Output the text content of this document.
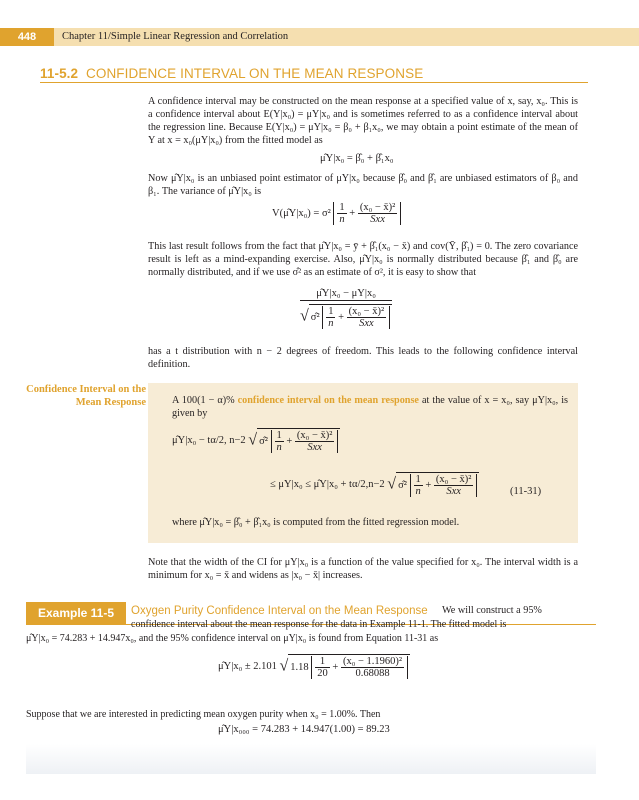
448	Chapter 11/Simple Linear Regression and Correlation
11-5.2 CONFIDENCE INTERVAL ON THE MEAN RESPONSE
A confidence interval may be constructed on the mean response at a specified value of x, say, x₀. This is a confidence interval about E(Y|x₀) = μY|x₀ and is sometimes referred to as a confidence interval about the regression line. Because E(Y|x₀) = μY|x₀ = β₀ + β₁x₀, we may obtain a point estimate of the mean of Y at x = x₀(μY|x₀) from the fitted model as
μ̂Y|x₀ = β̂₀ + β̂₁x₀
Now μ̂Y|x₀ is an unbiased point estimator of μY|x₀ because β̂₀ and β̂₁ are unbiased estimators of β₀ and β₁. The variance of μ̂Y|x₀ is
V(μ̂Y|x₀) = $\sigma^2 \frac{1}{n} + \frac{\text{(x₀ − x̄)²}}{\text{Sxx}}$
This last result follows from the fact that μ̂Y|x₀ = ȳ + β̂₁(x₀ − x̄) and cov(Ȳ, β̂₁) = 0. The zero covariance result is left as a mind-expanding exercise. Also, μ̂Y|x₀ is normally distributed because β̂₁ and β̂₀ are normally distributed, and if we use σ̂² as an estimate of σ², it is easy to show that
μ̂Y|x₀ − μY|x₀
√ σ̂² $\frac{1}{n} + \frac{\text{(x₀ − x̄)²}}{\text{Sxx}}$
has a t distribution with n − 2 degrees of freedom. This leads to the following confidence interval definition.
Confidence Interval on the Mean Response	A 100(1 − α)% confidence interval on the mean response at the value of x = x₀, say μY|x₀, is given by
μ̂Y|x₀ − tα/2, n−2 √ σ̂² $\frac{1}{n} + \frac{\text{(x₀ − x̄)²}}{\text{Sxx}}$
≤ μY|x₀ ≤ μ̂Y|x₀ + tα/2,n−2 √ σ̂² $\frac{1}{n} + \frac{\text{(x₀ − x̄)²}}{\text{Sxx}}$	(11-31)
where μ̂Y|x₀ = β̂₀ + β̂₁x₀ is computed from the fitted regression model.
Note that the width of the CI for μY|x₀ is a function of the value specified for x₀. The interval width is a minimum for x₀ = x̄ and widens as |x₀ − x̄| increases.
Example 11-5	Oxygen Purity Confidence Interval on the Mean Response We will construct a 95%
confidence interval about the mean response for the data in Example 11-1. The fitted model is
μ̂Y|x₀ = 74.283 + 14.947x₀, and the 95% confidence interval on μY|x₀ is found from Equation 11-31 as
μ̂Y|x₀ ± 2.101 √ $1.18 \frac{1}{20} + \frac{\text{(x₀ − 1.1960)²}}{0.68088}$
Suppose that we are interested in predicting mean oxygen purity when x₀ = 1.00%. Then
μ̂Y|x₀₀₀ = 74.283 + 14.947(1.00) = 89.23
